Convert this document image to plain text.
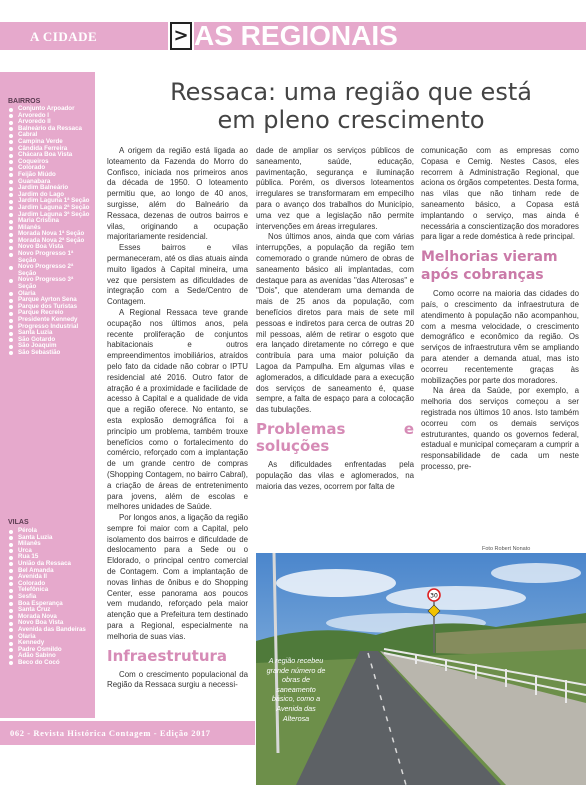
A CIDADE	> AS REGIONAIS
BAIRROS
Conjunto Arpoador
Arvoredo I
Arvoredo II
Balneário da Ressaca
Cabral
Campina Verde
Cândida Ferreira
Chácara Boa Vista
Coqueiros
Colorado
Feijão Miúdo
Guanabara
Jardim Balneário
Jardim do Lago
Jardim Laguna 1ª Seção
Jardim Laguna 2ª Seção
Jardim Laguna 3ª Seção
Maria Cristina
Milanês
Morada Nova 1ª Seção
Morada Nova 2ª Seção
Novo Boa Vista
Novo Progresso 1ª Seção
Novo Progresso 2ª Seção
Novo Progresso 3ª Seção
Olaria
Parque Ayrton Sena
Parque dos Turistas
Parque Recreio
Presidente Kennedy
Progresso Industrial
Santa Luzia
São Gotardo
São Joaquim
São Sebastião
VILAS
Pérola
Santa Luzia
Milanês
Urca
Rua 15
União da Ressaca
Bel Amanda
Avenida II
Colorado
Telefônica
Sesfia
Boa Esperança
Santa Cruz
Morada Nova
Novo Boa Vista
Avenida das Bandeiras
Olaria
Kennedy
Padre Osmildo
Adão Sabino
Beco do Cocó
Ressaca: uma região que está
em pleno crescimento

A origem da região está ligada ao loteamento da Fazenda do Morro do Confisco, iniciada nos primeiros anos da década de 1950. O loteamento permitiu que, ao longo de 40 anos, surgisse, além do Balneário da Ressaca, dezenas de outros bairros e vilas, originando a ocupação majoritariamente residencial.

Esses bairros e vilas permaneceram, até os dias atuais ainda muito ligados à Capital mineira, uma vez que persistem as dificuldades de integração com a Sede/Centro de Contagem.

A Regional Ressaca teve grande ocupação nos últimos anos, pela recente proliferação de conjuntos habitacionais e outros empreendimentos imobiliários, atraídos pelo fato da cidade não cobrar o IPTU residencial até 2016. Outro fator de atração é a proximidade e facilidade de acesso à Capital e a qualidade de vida que a região oferece. No entanto, se esta explosão demográfica foi a princípio um problema, também trouxe benefícios como o fortalecimento do comércio, reforçado com a implantação de um grande centro de compras (Shopping Contagem, no bairro Cabral), a criação de áreas de entretenimento para jovens, além de escolas e melhores unidades de Saúde.

Por longos anos, a ligação da região sempre foi maior com a Capital, pelo isolamento dos bairros e dificuldade de deslocamento para a Sede ou o Eldorado, o principal centro comercial de Contagem. Com a implantação de novas linhas de ônibus e do Shopping Center, esse panorama aos poucos vem mudando, reforçado pela maior atenção que a Prefeitura tem destinado para a Regional, especialmente na melhoria de suas vias.

Infraestrutura

Com o crescimento populacional da Região da Ressaca surgiu a necessi-

dade de ampliar os serviços públicos de saneamento, saúde, educação, pavimentação, segurança e iluminação pública. Porém, os diversos loteamentos irregulares se transformaram em empecilho para o avanço dos trabalhos do Município, uma vez que a legislação não permite intervenções em áreas irregulares.

Nos últimos anos, ainda que com várias interrupções, a população da região tem comemorado o grande número de obras de saneamento básico ali implantadas, com destaque para as avenidas "das Alterosas" e "Dois", que atenderam uma demanda de mais de 25 anos da população, com benefícios diretos para mais de sete mil pessoas e indiretos para cerca de outras 20 mil pessoas, além de retirar o esgoto que era lançado diretamente no córrego e que contribuía para uma maior poluição da Lagoa da Pampulha. Em algumas vilas e aglomerados, a dificuldade para a execução dos serviços de saneamento é, quase sempre, a falta de espaço para a colocação das tubulações.

Problemas e soluções

As dificuldades enfrentadas pela população das vilas e aglomerados, na maioria das vezes, ocorrem por falta de

comunicação com as empresas como Copasa e Cemig. Nestes Casos, eles recorrem à Administração Regional, que aciona os órgãos competentes. Desta forma, nas vilas que não tinham rede de saneamento básico, a Copasa está implantando o serviço, mas ainda é necessária a conscientização dos moradores para ligar a rede doméstica à rede principal.

Melhorias vieram
após cobranças

Como ocorre na maioria das cidades do país, o crescimento da infraestrutura de atendimento à população não acompanhou, com a mesma velocidade, o crescimento demográfico e econômico da região. Os serviços de infraestrutura vêm se ampliando para atender a demanda atual, mas isto ocorreu recentemente graças às mobilizações por parte dos moradores.

Na área da Saúde, por exemplo, a melhoria dos serviços começou a ser registrada nos últimos 10 anos. Isto também ocorreu com os demais serviços estruturantes, quando os governos federal, estadual e municipal começaram a cumprir a responsabilidade de cada um neste processo, pre-

Foto Robert Nonato
30
A região recebeu grande número de obras de saneamento básico, como a Avenida das Alterosa
062 - Revista Histórica Contagem - Edição 2017
